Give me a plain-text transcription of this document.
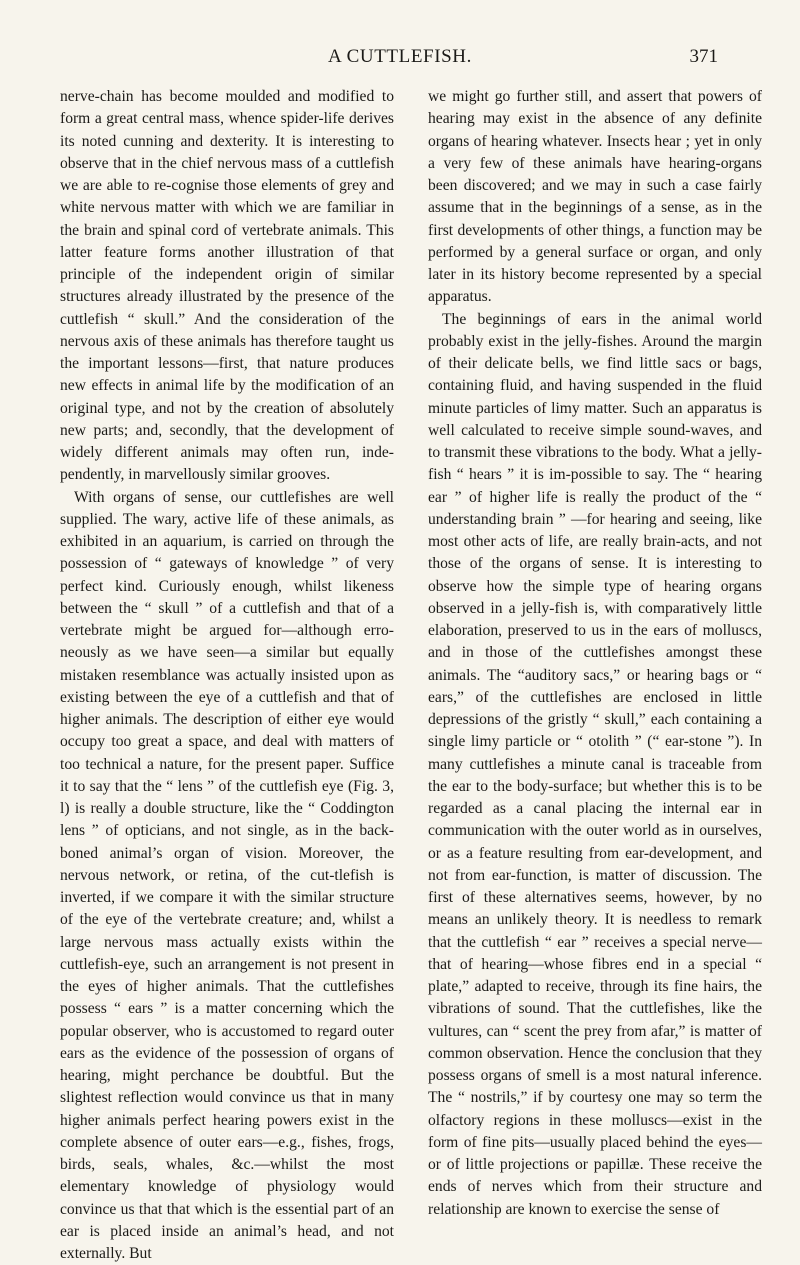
A CUTTLEFISH.	371

nerve-chain has become moulded and modified to form a great central mass, whence spider-life derives its noted cunning and dexterity. It is interesting to observe that in the chief nervous mass of a cuttlefish we are able to re-cognise those elements of grey and white nervous matter with which we are familiar in the brain and spinal cord of vertebrate animals. This latter feature forms another illustration of that principle of the independent origin of similar structures already illustrated by the presence of the cuttlefish “ skull.” And the consideration of the nervous axis of these animals has therefore taught us the important lessons—first, that nature produces new effects in animal life by the modification of an original type, and not by the creation of absolutely new parts; and, secondly, that the development of widely different animals may often run, inde-pendently, in marvellously similar grooves.

With organs of sense, our cuttlefishes are well supplied. The wary, active life of these animals, as exhibited in an aquarium, is carried on through the possession of “ gateways of knowledge ” of very perfect kind. Curiously enough, whilst likeness between the “ skull ” of a cuttlefish and that of a vertebrate might be argued for—although erro-neously as we have seen—a similar but equally mistaken resemblance was actually insisted upon as existing between the eye of a cuttlefish and that of higher animals. The description of either eye would occupy too great a space, and deal with matters of too technical a nature, for the present paper. Suffice it to say that the “ lens ” of the cuttlefish eye (Fig. 3, l) is really a double structure, like the “ Coddington lens ” of opticians, and not single, as in the back-boned animal’s organ of vision. Moreover, the nervous network, or retina, of the cut-tlefish is inverted, if we compare it with the similar structure of the eye of the vertebrate creature; and, whilst a large nervous mass actually exists within the cuttlefish-eye, such an arrangement is not present in the eyes of higher animals. That the cuttlefishes possess “ ears ” is a matter concerning which the popular observer, who is accustomed to regard outer ears as the evidence of the possession of organs of hearing, might perchance be doubtful. But the slightest reflection would convince us that in many higher animals perfect hearing powers exist in the complete absence of outer ears—e.g., fishes, frogs, birds, seals, whales, &c.—whilst the most elementary knowledge of physiology would convince us that that which is the essential part of an ear is placed inside an animal’s head, and not externally. But

we might go further still, and assert that powers of hearing may exist in the absence of any definite organs of hearing whatever. Insects hear ; yet in only a very few of these animals have hearing-organs been discovered; and we may in such a case fairly assume that in the beginnings of a sense, as in the first developments of other things, a function may be performed by a general surface or organ, and only later in its history become represented by a special apparatus.

The beginnings of ears in the animal world probably exist in the jelly-fishes. Around the margin of their delicate bells, we find little sacs or bags, containing fluid, and having suspended in the fluid minute particles of limy matter. Such an apparatus is well calculated to receive simple sound-waves, and to transmit these vibrations to the body. What a jelly-fish “ hears ” it is im-possible to say. The “ hearing ear ” of higher life is really the product of the “ understanding brain ” —for hearing and seeing, like most other acts of life, are really brain-acts, and not those of the organs of sense. It is interesting to observe how the simple type of hearing organs observed in a jelly-fish is, with comparatively little elaboration, preserved to us in the ears of molluscs, and in those of the cuttlefishes amongst these animals. The “auditory sacs,” or hearing bags or “ ears,” of the cuttlefishes are enclosed in little depressions of the gristly “ skull,” each containing a single limy particle or “ otolith ” (“ ear-stone ”). In many cuttlefishes a minute canal is traceable from the ear to the body-surface; but whether this is to be regarded as a canal placing the internal ear in communication with the outer world as in ourselves, or as a feature resulting from ear-development, and not from ear-function, is matter of discussion. The first of these alternatives seems, however, by no means an unlikely theory. It is needless to remark that the cuttlefish “ ear ” receives a special nerve—that of hearing—whose fibres end in a special “ plate,” adapted to receive, through its fine hairs, the vibrations of sound. That the cuttlefishes, like the vultures, can “ scent the prey from afar,” is matter of common observation. Hence the conclusion that they possess organs of smell is a most natural inference. The “ nostrils,” if by courtesy one may so term the olfactory regions in these molluscs—exist in the form of fine pits—usually placed behind the eyes—or of little projections or papillæ. These receive the ends of nerves which from their structure and relationship are known to exercise the sense of
